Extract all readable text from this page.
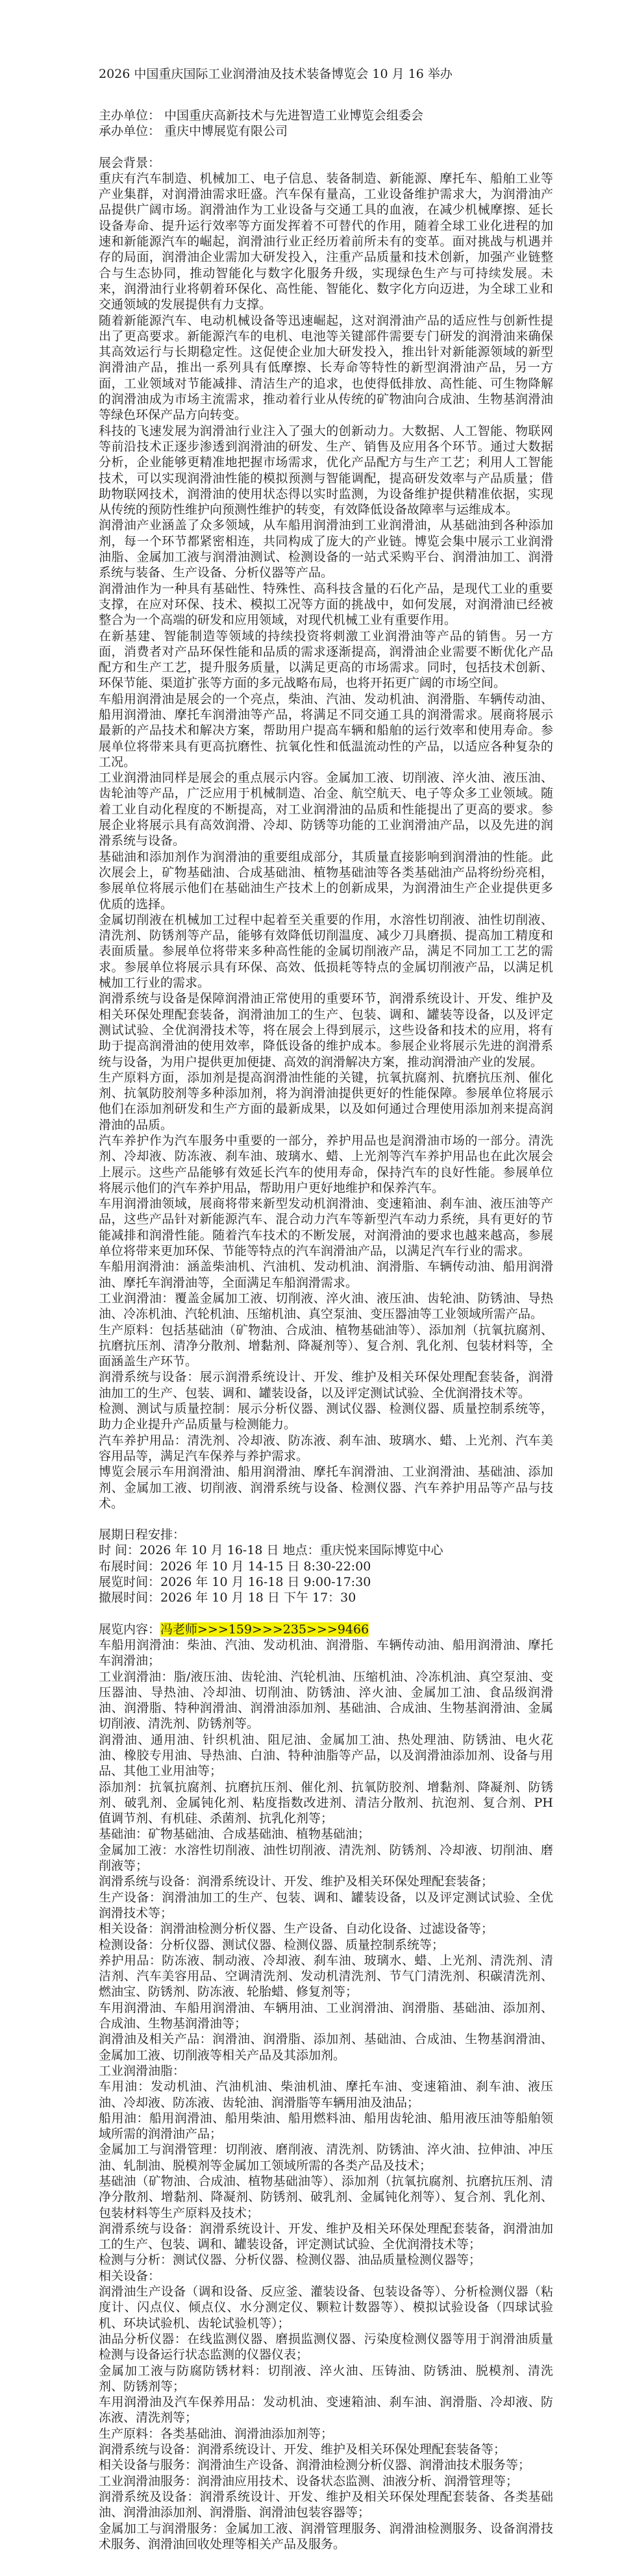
2026 中国重庆国际工业润滑油及技术装备博览会 10 月 16 举办

主办单位： 中国重庆高新技术与先进智造工业博览会组委会

承办单位： 重庆中博展览有限公司

展会背景：

重庆有汽车制造、机械加工、电子信息、装备制造、新能源、摩托车、船舶工业等产业集群，对润滑油需求旺盛。汽车保有量高，工业设备维护需求大，为润滑油产品提供广阔市场。润滑油作为工业设备与交通工具的血液，在减少机械摩擦、延长设备寿命、提升运行效率等方面发挥着不可替代的作用，随着全球工业化进程的加速和新能源汽车的崛起，润滑油行业正经历着前所未有的变革。面对挑战与机遇并存的局面，润滑油企业需加大研发投入，注重产品质量和技术创新，加强产业链整合与生态协同，推动智能化与数字化服务升级，实现绿色生产与可持续发展。未来，润滑油行业将朝着环保化、高性能、智能化、数字化方向迈进，为全球工业和交通领域的发展提供有力支撑。

随着新能源汽车、电动机械设备等迅速崛起，这对润滑油产品的适应性与创新性提出了更高要求。新能源汽车的电机、电池等关键部件需要专门研发的润滑油来确保其高效运行与长期稳定性。这促使企业加大研发投入，推出针对新能源领域的新型润滑油产品，推出一系列具有低摩擦、长寿命等特性的新型润滑油产品，另一方面，工业领域对节能减排、清洁生产的追求，也使得低排放、高性能、可生物降解的润滑油成为市场主流需求，推动着行业从传统的矿物油向合成油、生物基润滑油等绿色环保产品方向转变。

科技的飞速发展为润滑油行业注入了强大的创新动力。大数据、人工智能、物联网等前沿技术正逐步渗透到润滑油的研发、生产、销售及应用各个环节。通过大数据分析，企业能够更精准地把握市场需求，优化产品配方与生产工艺；利用人工智能技术，可以实现润滑油性能的模拟预测与智能调配，提高研发效率与产品质量；借助物联网技术，润滑油的使用状态得以实时监测，为设备维护提供精准依据，实现从传统的预防性维护向预测性维护的转变，有效降低设备故障率与运维成本。

润滑油产业涵盖了众多领域，从车船用润滑油到工业润滑油，从基础油到各种添加剂，每一个环节都紧密相连，共同构成了庞大的产业链。博览会集中展示工业润滑油脂、金属加工液与润滑油测试、检测设备的一站式采购平台、润滑油加工、润滑系统与装备、生产设备、分析仪器等产品。

润滑油作为一种具有基础性、特殊性、高科技含量的石化产品，是现代工业的重要支撑，在应对环保、技术、模拟工况等方面的挑战中，如何发展，对润滑油已经被整合为一个高端的研发和应用领域，对现代机械工业有重要作用。

在新基建、智能制造等领域的持续投资将刺激工业润滑油等产品的销售。另一方面，消费者对产品环保性能和品质的需求逐渐提高，润滑油企业需要不断优化产品配方和生产工艺，提升服务质量，以满足更高的市场需求。同时，包括技术创新、环保节能、渠道扩张等方面的多元战略布局，也将开拓更广阔的市场空间。

车船用润滑油是展会的一个亮点，柴油、汽油、发动机油、润滑脂、车辆传动油、船用润滑油、摩托车润滑油等产品，将满足不同交通工具的润滑需求。展商将展示最新的产品技术和解决方案，帮助用户提高车辆和船舶的运行效率和使用寿命。参展单位将带来具有更高抗磨性、抗氧化性和低温流动性的产品，以适应各种复杂的工况。

工业润滑油同样是展会的重点展示内容。金属加工液、切削液、淬火油、液压油、齿轮油等产品，广泛应用于机械制造、冶金、航空航天、电子等众多工业领域。随着工业自动化程度的不断提高，对工业润滑油的品质和性能提出了更高的要求。参展企业将展示具有高效润滑、冷却、防锈等功能的工业润滑油产品，以及先进的润滑系统与设备。

基础油和添加剂作为润滑油的重要组成部分，其质量直接影响到润滑油的性能。此次展会上，矿物基础油、合成基础油、植物基础油等各类基础油产品将纷纷亮相，参展单位将展示他们在基础油生产技术上的创新成果，为润滑油生产企业提供更多优质的选择。

金属切削液在机械加工过程中起着至关重要的作用，水溶性切削液、油性切削液、清洗剂、防锈剂等产品，能够有效降低切削温度、减少刀具磨损、提高加工精度和表面质量。参展单位将带来多种高性能的金属切削液产品，满足不同加工工艺的需求。参展单位将展示具有环保、高效、低损耗等特点的金属切削液产品，以满足机械加工行业的需求。

润滑系统与设备是保障润滑油正常使用的重要环节，润滑系统设计、开发、维护及相关环保处理配套装备，润滑油加工的生产、包装、调和、罐装等设备，以及评定测试试验、全优润滑技术等，将在展会上得到展示，这些设备和技术的应用，将有助于提高润滑油的使用效率，降低设备的维护成本。参展企业将展示先进的润滑系统与设备，为用户提供更加便捷、高效的润滑解决方案，推动润滑油产业的发展。

生产原料方面，添加剂是提高润滑油性能的关键，抗氧抗腐剂、抗磨抗压剂、催化剂、抗氧防胶剂等多种添加剂，将为润滑油提供更好的性能保障。参展单位将展示他们在添加剂研发和生产方面的最新成果，以及如何通过合理使用添加剂来提高润滑油的品质。

汽车养护作为汽车服务中重要的一部分，养护用品也是润滑油市场的一部分。清洗剂、冷却液、防冻液、刹车油、玻璃水、蜡、上光剂等汽车养护用品也在此次展会上展示。这些产品能够有效延长汽车的使用寿命，保持汽车的良好性能。参展单位将展示他们的汽车养护用品，帮助用户更好地维护和保养汽车。

车用润滑油领域，展商将带来新型发动机润滑油、变速箱油、刹车油、液压油等产品，这些产品针对新能源汽车、混合动力汽车等新型汽车动力系统，具有更好的节能减排和润滑性能。随着汽车技术的不断发展，对润滑油的要求也越来越高，参展单位将带来更加环保、节能等特点的汽车润滑油产品，以满足汽车行业的需求。

车船用润滑油：涵盖柴油机、汽油机、发动机油、润滑脂、车辆传动油、船用润滑油、摩托车润滑油等，全面满足车船润滑需求。

工业润滑油：覆盖金属加工液、切削液、淬火油、液压油、齿轮油、防锈油、导热油、冷冻机油、汽轮机油、压缩机油、真空泵油、变压器油等工业领域所需产品。

生产原料：包括基础油（矿物油、合成油、植物基础油等）、添加剂（抗氧抗腐剂、抗磨抗压剂、清净分散剂、增黏剂、降凝剂等）、复合剂、乳化剂、包装材料等，全面涵盖生产环节。

润滑系统与设备：展示润滑系统设计、开发、维护及相关环保处理配套装备，润滑油加工的生产、包装、调和、罐装设备，以及评定测试试验、全优润滑技术等。

检测、测试与质量控制：展示分析仪器、测试仪器、检测仪器、质量控制系统等，助力企业提升产品质量与检测能力。

汽车养护用品：清洗剂、冷却液、防冻液、刹车油、玻璃水、蜡、上光剂、汽车美容用品等，满足汽车保养与养护需求。

博览会展示车用润滑油、船用润滑油、摩托车润滑油、工业润滑油、基础油、添加剂、金属加工液、切削液、润滑系统与设备、检测仪器、汽车养护用品等产品与技术。

展期日程安排：

时 间：2026 年 10 月 16-18 日 地点：重庆悦来国际博览中心

布展时间：2026 年 10 月 14-15 日 8:30-22:00

展览时间：2026 年 10 月 16-18 日 9:00-17:30

撤展时间：2026 年 10 月 18 日 下午 17：30

展览内容：冯老师>>>159>>>235>>>9466

车船用润滑油：柴油、汽油、发动机油、润滑脂、车辆传动油、船用润滑油、摩托车润滑油；

工业润滑油：脂/液压油、齿轮油、汽轮机油、压缩机油、冷冻机油、真空泵油、变压器油、导热油、冷却油、切削油、防锈油、淬火油、金属加工油、食品级润滑油、润滑脂、特种润滑油、润滑油添加剂、基础油、合成油、生物基润滑油、金属切削液、清洗剂、防锈剂等。

润滑油、通用油、针织机油、阻尼油、金属加工油、热处理油、防锈油、电火花油、橡胶专用油、导热油、白油、特种油脂等产品，以及润滑油添加剂、设备与用品、其他工业用油等；

添加剂：抗氧抗腐剂、抗磨抗压剂、催化剂、抗氧防胶剂、增黏剂、降凝剂、防锈剂、破乳剂、金属钝化剂、粘度指数改进剂、清洁分散剂、抗泡剂、复合剂、PH 值调节剂、有机硅、杀菌剂、抗乳化剂等；

基础油：矿物基础油、合成基础油、植物基础油；

金属加工液：水溶性切削液、油性切削液、清洗剂、防锈剂、冷却液、切削油、磨削液等；

润滑系统与设备：润滑系统设计、开发、维护及相关环保处理配套装备；

生产设备：润滑油加工的生产、包装、调和、罐装设备，以及评定测试试验、全优润滑技术等；

相关设备：润滑油检测分析仪器、生产设备、自动化设备、过滤设备等；

检测设备：分析仪器、测试仪器、检测仪器、质量控制系统等；

养护用品：防冻液、制动液、冷却液、刹车油、玻璃水、蜡、上光剂、清洗剂、清洁剂、汽车美容用品、空调清洗剂、发动机清洗剂、节气门清洗剂、积碳清洗剂、燃油宝、防锈剂、防冻液、轮胎蜡、修复剂等；

车用润滑油、车船用润滑油、车辆用油、工业润滑油、润滑脂、基础油、添加剂、合成油、生物基润滑油等；

润滑油及相关产品：润滑油、润滑脂、添加剂、基础油、合成油、生物基润滑油、金属加工液、切削液等相关产品及其添加剂。

工业润滑油脂：

车用油：发动机油、汽油机油、柴油机油、摩托车油、变速箱油、刹车油、液压油、冷却液、防冻液、齿轮油、润滑脂等车辆用油及油品；

船用油：船用润滑油、船用柴油、船用燃料油、船用齿轮油、船用液压油等船舶领域所需的润滑油产品；

金属加工与润滑管理：切削液、磨削液、清洗剂、防锈油、淬火油、拉伸油、冲压油、轧制油、脱模剂等金属加工领域所需的各类产品及技术；

基础油（矿物油、合成油、植物基础油等）、添加剂（抗氧抗腐剂、抗磨抗压剂、清净分散剂、增黏剂、降凝剂、防锈剂、破乳剂、金属钝化剂等）、复合剂、乳化剂、包装材料等生产原料及技术；

润滑系统与设备：润滑系统设计、开发、维护及相关环保处理配套装备，润滑油加工的生产、包装、调和、罐装设备，评定测试试验、全优润滑技术等；

检测与分析：测试仪器、分析仪器、检测仪器、油品质量检测仪器等；

相关设备：

润滑油生产设备（调和设备、反应釜、灌装设备、包装设备等）、分析检测仪器（粘度计、闪点仪、倾点仪、水分测定仪、颗粒计数器等）、模拟试验设备（四球试验机、环块试验机、齿轮试验机等）；

油品分析仪器：在线监测仪器、磨损监测仪器、污染度检测仪器等用于润滑油质量检测与设备运行状态监测的仪器仪表；

金属加工液与防腐防锈材料：切削液、淬火油、压铸油、防锈油、脱模剂、清洗剂、防锈剂等；

车用润滑油及汽车保养用品：发动机油、变速箱油、刹车油、润滑脂、冷却液、防冻液、清洗剂等；

生产原料：各类基础油、润滑油添加剂等；

润滑系统与设备：润滑系统设计、开发、维护及相关环保处理配套装备等；

相关设备与服务：润滑油生产设备、润滑油检测分析仪器、润滑油技术服务等；

工业润滑油服务：润滑油应用技术、设备状态监测、油液分析、润滑管理等；

润滑系统及设备：润滑系统设计、开发、维护及相关环保处理配套装备、各类基础油、润滑油添加剂、润滑脂、润滑油包装容器等；

金属加工与润滑服务：金属加工液、润滑管理服务、润滑油检测服务、设备润滑技术服务、润滑油回收处理等相关产品及服务。
